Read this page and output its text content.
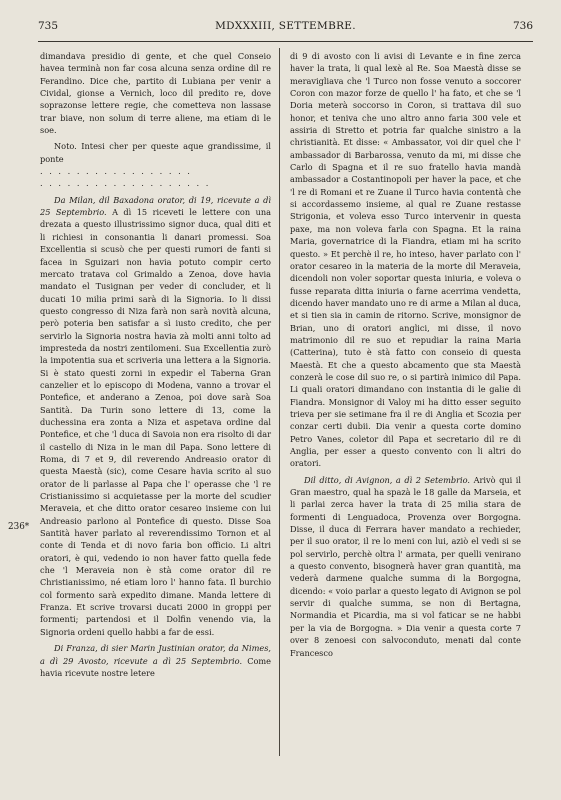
735	MDXXXIII, SETTEMBRE.	736
236*

dimandava presidio di gente, et che quel Conseio havea terminà non far cosa alcuna senza ordine dil re Ferandino. Dice che, partito di Lubiana per venir a Cividal, gionse a Vernich, loco dil predito re, dove soprazonse lettere regie, che cometteva non lassase trar biave, non solum di terre aliene, ma etiam di le soe.

Noto. Intesi cher per queste aque grandissime, il ponte

. . . . . . . . . . . . . . . . .

. . . . . . . . . . . . . . . . . . .

Da Milan, dil Baxadona orator, di 19, ricevute a dì 25 Septembrio. A dì 15 riceveti le lettere con una drezata a questo illustrissimo signor duca, qual diti et li richiesi in consonantia li danari promessi. Soa Excellentia si scusò che per questi rumori de fanti si facea in Sguizari non havia potuto compir certo mercato tratava col Grimaldo a Zenoa, dove havia mandato el Tusignan per veder di concluder, et li ducati 10 milia primi sarà di la Signoria. Io li dissi questo congresso di Niza farà non sarà novità alcuna, però poteria ben satisfar a sì iusto credito, che per servirlo la Signoria nostra havia zà molti anni tolto ad impresteda da nostri zentilomeni. Sua Excellentia zurò la impotentia sua et scriveria una lettera a la Signoria. Si è stato questi zorni in expedir el Taberna Gran canzelier et lo episcopo di Modena, vanno a trovar el Pontefice, et anderano a Zenoa, poi dove sarà Soa Santità. Da Turin sono lettere di 13, come la duchessina era zonta a Niza et aspetava ordine dal Pontefice, et che 'l duca di Savoia non era risolto di dar il castello di Niza in le man dil Papa. Sono lettere di Roma, di 7 et 9, dil reverendo Andreasio orator di questa Maestà (sic), come Cesare havia scrito al suo orator de li parlasse al Papa che l' operasse che 'l re Cristianissimo si acquietasse per la morte del scudier Meraveia, et che ditto orator cesareo insieme con lui Andreasio parlono al Pontefice di questo. Disse Soa Santità haver parlato al reverendissimo Tornon et al conte di Tenda et di novo faria bon officio. Li altri oratori, è qui, vedendo io non haver fatto quella fede che 'l Meraveia non è stà come orator dil re Christianissimo, né etiam loro l' hanno fata. Il burchio col formento sarà expedito dimane. Manda lettere di Franza. Et scrive trovarsi ducati 2000 in groppi per formenti; partendosi et il Dolfin venendo via, la Signoria ordeni quello habbi a far de essi.

Di Franza, di sier Marin Justinian orator, da Nimes, a dì 29 Avosto, ricevute a dì 25 Septembrio. Come havia ricevute nostre letere

di 9 di avosto con li avisi di Levante e in fine zerca haver la trata, li qual lexè al Re. Soa Maestà disse se meravigliava che 'l Turco non fosse venuto a soccorer Coron con mazor forze de quello l' ha fato, et che se 'l Doria meterà soccorso in Coron, si trattava dil suo honor, et teniva che uno altro anno faria 300 vele et assiria di Stretto et potria far qualche sinistro a la christianità. Et disse: « Ambassator, voi dir quel che l' ambassador di Barbarossa, venuto da mi, mi disse che Carlo di Spagna et il re suo fratello havia mandà ambassador a Costantinopoli per haver la pace, et che 'l re di Romani et re Zuane il Turco havia contentà che si accordassemo insieme, al qual re Zuane restasse Strigonia, et voleva esso Turco intervenir in questa paxe, ma non voleva farla con Spagna. Et la raina Maria, governatrice di la Fiandra, etiam mi ha scrito questo. » Et perchè il re, ho inteso, haver parlato con l' orator cesareo in la materia de la morte dil Meraveia, dicendoli non voler soportar questa iniuria, e voleva o fusse reparata ditta iniuria o farne acerrima vendetta, dicendo haver mandato uno re di arme a Milan al duca, et si tien sia in camin de ritorno. Scrive, monsignor de Brian, uno di oratori anglici, mi disse, il novo matrimonio dil re suo et repudiar la raina Maria (Catterina), tuto è stà fatto con conseio di questa Maestà. Et che a questo abcamento que sta Maestà conzerà le cose dil suo re, o si partirà inimico dil Papa. Li quali oratori dimandano con instantia di le galie di Fiandra. Monsignor di Valoy mi ha ditto esser seguito trieva per sie setimane fra il re di Anglia et Scozia per conzar certi dubii. Dia venir a questa corte domino Petro Vanes, coletor dil Papa et secretario dil re di Anglia, per esser a questo convento con li altri do oratori.

Dil ditto, di Avignon, a dì 2 Setembrio. Arivò qui il Gran maestro, qual ha spazà le 18 galle da Marseia, et li parlai zerca haver la trata di 25 milia stara de formenti di Lenguadoca, Provenza over Borgogna. Disse, il duca di Ferrara haver mandato a rechieder, per il suo orator, il re lo meni con lui, aziò el vedi si se pol servirlo, perchè oltra l' armata, per quelli venirano a questo convento, bisognerà haver gran quantità, ma vederà darmene qualche summa di la Borgogna, dicendo: « voio parlar a questo legato di Avignon se pol servir di qualche summa, se non di Bertagna, Normandia et Picardia, ma si vol faticar se ne habbi per la via de Borgogna. » Dia venir a questa corte 7 over 8 zenoesi con salvoconduto, menati dal conte Francesco
